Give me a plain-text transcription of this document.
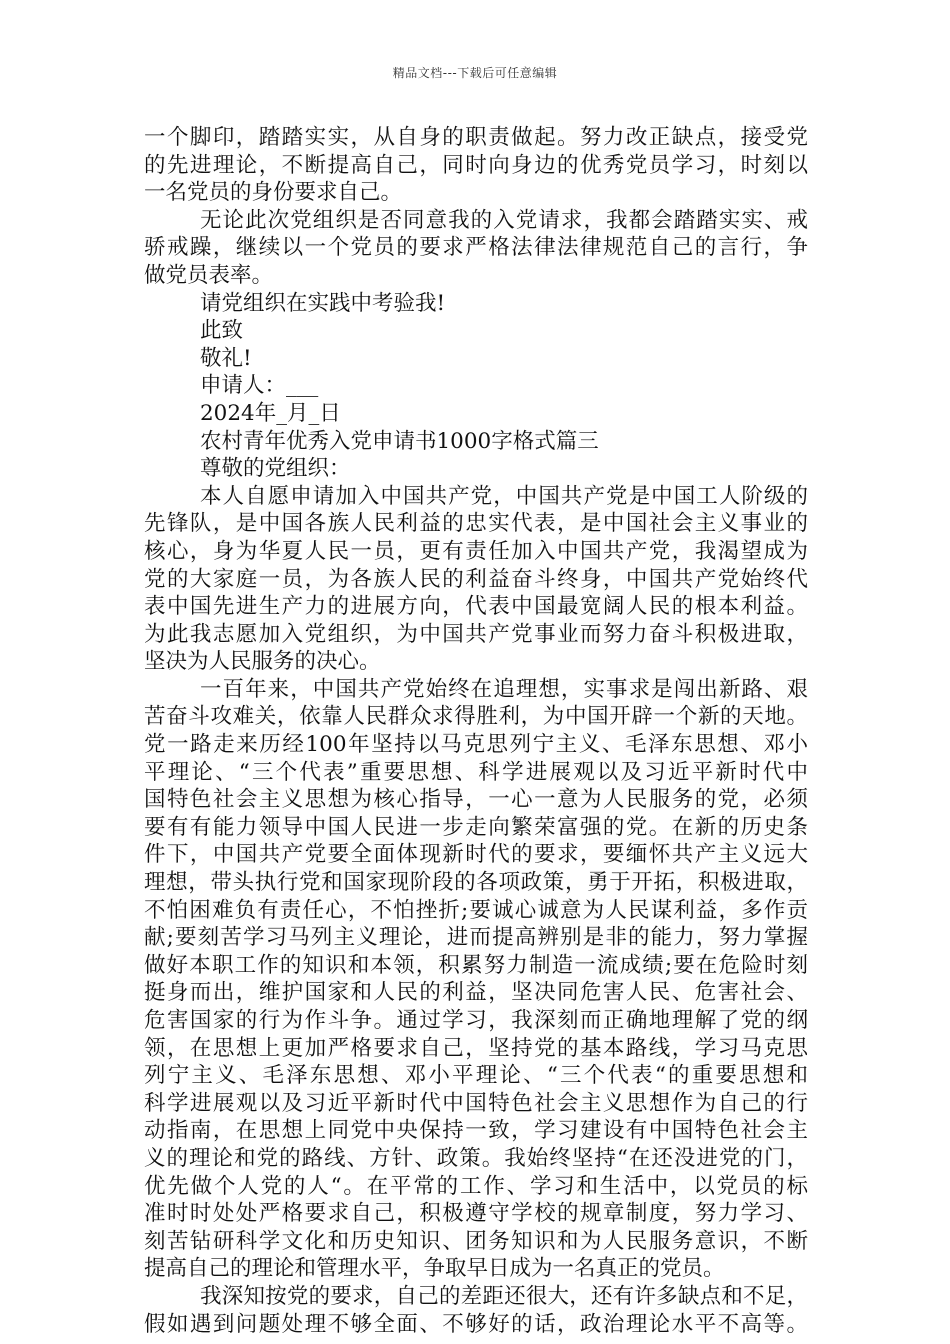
精品文档---下载后可任意编辑
一个脚印，踏踏实实，从自身的职责做起。努力改正缺点，接受党
的先进理论，不断提高自己，同时向身边的优秀党员学习，时刻以
一名党员的身份要求自己。
无论此次党组织是否同意我的入党请求，我都会踏踏实实、戒
骄戒躁，继续以一个党员的要求严格法律法律规范自己的言行，争
做党员表率。
请党组织在实践中考验我!
此致
敬礼!
申请人：___
2024年_月_日
农村青年优秀入党申请书1000字格式篇三
尊敬的党组织：
本人自愿申请加入中国共产党，中国共产党是中国工人阶级的
先锋队，是中国各族人民利益的忠实代表，是中国社会主义事业的
核心，身为华夏人民一员，更有责任加入中国共产党，我渴望成为
党的大家庭一员，为各族人民的利益奋斗终身，中国共产党始终代
表中国先进生产力的进展方向，代表中国最宽阔人民的根本利益。
为此我志愿加入党组织，为中国共产党事业而努力奋斗积极进取，
坚决为人民服务的决心。
一百年来，中国共产党始终在追理想，实事求是闯出新路、艰
苦奋斗攻难关，依靠人民群众求得胜利，为中国开辟一个新的天地。
党一路走来历经100年坚持以马克思列宁主义、毛泽东思想、邓小
平理论、“三个代表”重要思想、科学进展观以及习近平新时代中
国特色社会主义思想为核心指导，一心一意为人民服务的党，必须
要有有能力领导中国人民进一步走向繁荣富强的党。在新的历史条
件下，中国共产党要全面体现新时代的要求，要缅怀共产主义远大
理想，带头执行党和国家现阶段的各项政策，勇于开拓，积极进取，
不怕困难负有责任心，不怕挫折;要诚心诚意为人民谋利益，多作贡
献;要刻苦学习马列主义理论，进而提高辨别是非的能力，努力掌握
做好本职工作的知识和本领，积累努力制造一流成绩;要在危险时刻
挺身而出，维护国家和人民的利益，坚决同危害人民、危害社会、
危害国家的行为作斗争。通过学习，我深刻而正确地理解了党的纲
领，在思想上更加严格要求自己，坚持党的基本路线，学习马克思
列宁主义、毛泽东思想、邓小平理论、“三个代表“的重要思想和
科学进展观以及习近平新时代中国特色社会主义思想作为自己的行
动指南，在思想上同党中央保持一致，学习建设有中国特色社会主
义的理论和党的路线、方针、政策。我始终坚持“在还没进党的门，
优先做个人党的人“。在平常的工作、学习和生活中，以党员的标
准时时处处严格要求自己，积极遵守学校的规章制度，努力学习、
刻苦钻研科学文化和历史知识、团务知识和为人民服务意识，不断
提高自己的理论和管理水平，争取早日成为一名真正的党员。
我深知按党的要求，自己的差距还很大，还有许多缺点和不足，
假如遇到问题处理不够全面、不够好的话，政治理论水平不高等。
